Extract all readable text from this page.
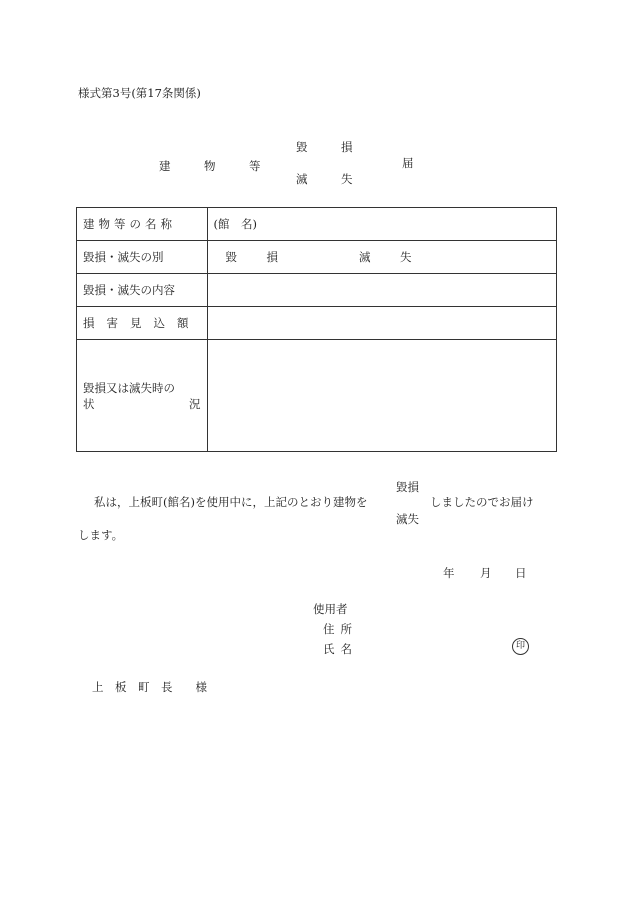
様式第3号(第17条関係)
建	物	等
毀	損
滅	失
届
建物等の名称	(館　名)
毀損・滅失の別	毀　損 滅　失
毀損・滅失の内容	
損害見込額	

毀損又は滅失時の
状 況	

毀損
私は，上板町(館名)を使用中に，上記のとおり建物を	しましたのでお届け
滅失
します。
年 月 日
使用者
住所
氏名	印
上　板　町　長　　様
